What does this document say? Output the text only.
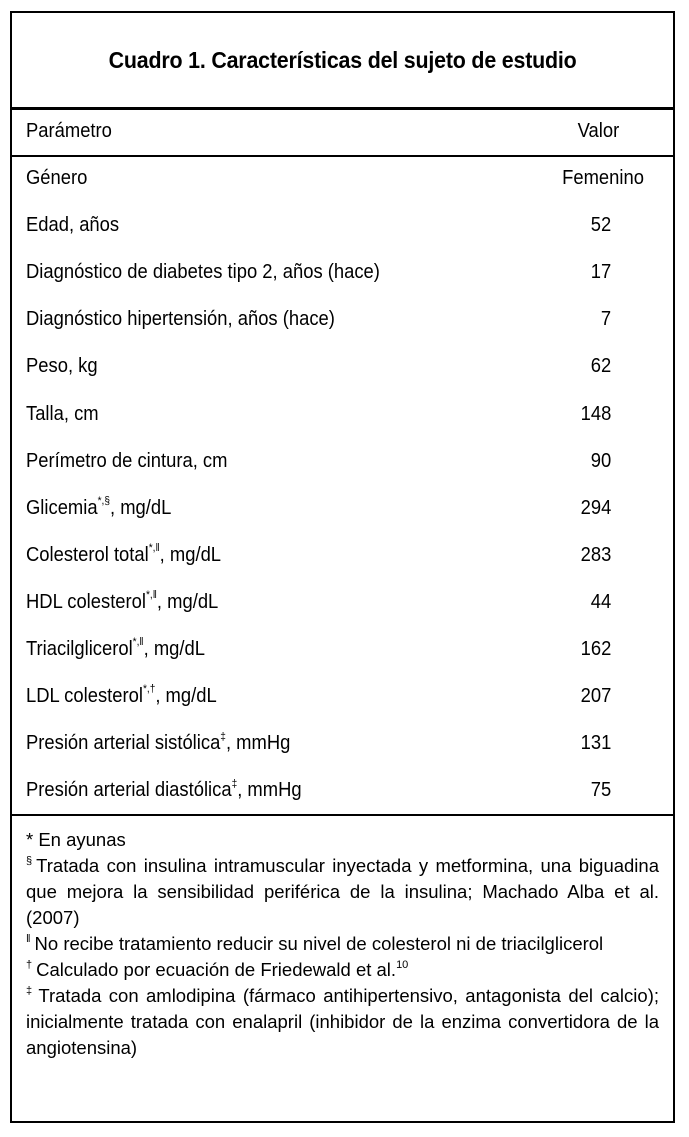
Cuadro 1. Características del sujeto de estudio
Parámetro	Valor
Género	Femenino
Edad, años	52
Diagnóstico de diabetes tipo 2, años (hace)	17
Diagnóstico hipertensión, años (hace)	7
Peso, kg	62
Talla, cm	148
Perímetro de cintura, cm	90
Glicemia*,§, mg/dL	294
Colesterol total*,‖, mg/dL	283
HDL colesterol*,‖, mg/dL	44
Triacilglicerol*,‖, mg/dL	162
LDL colesterol*,†, mg/dL	207
Presión arterial sistólica‡, mmHg	131
Presión arterial diastólica‡, mmHg	75

* En ayunas

§ Tratada con insulina intramuscular inyectada y metformina, una biguadina que mejora la sensibilidad periférica de la insulina; Machado Alba et al. (2007)

‖ No recibe tratamiento reducir su nivel de colesterol ni de triacilglicerol

† Calculado por ecuación de Friedewald et al.$^{10}$

‡ Tratada con amlodipina (fármaco antihipertensivo, antagonista del calcio); inicialmente tratada con enalapril (inhibidor de la enzima convertidora de la angiotensina)
